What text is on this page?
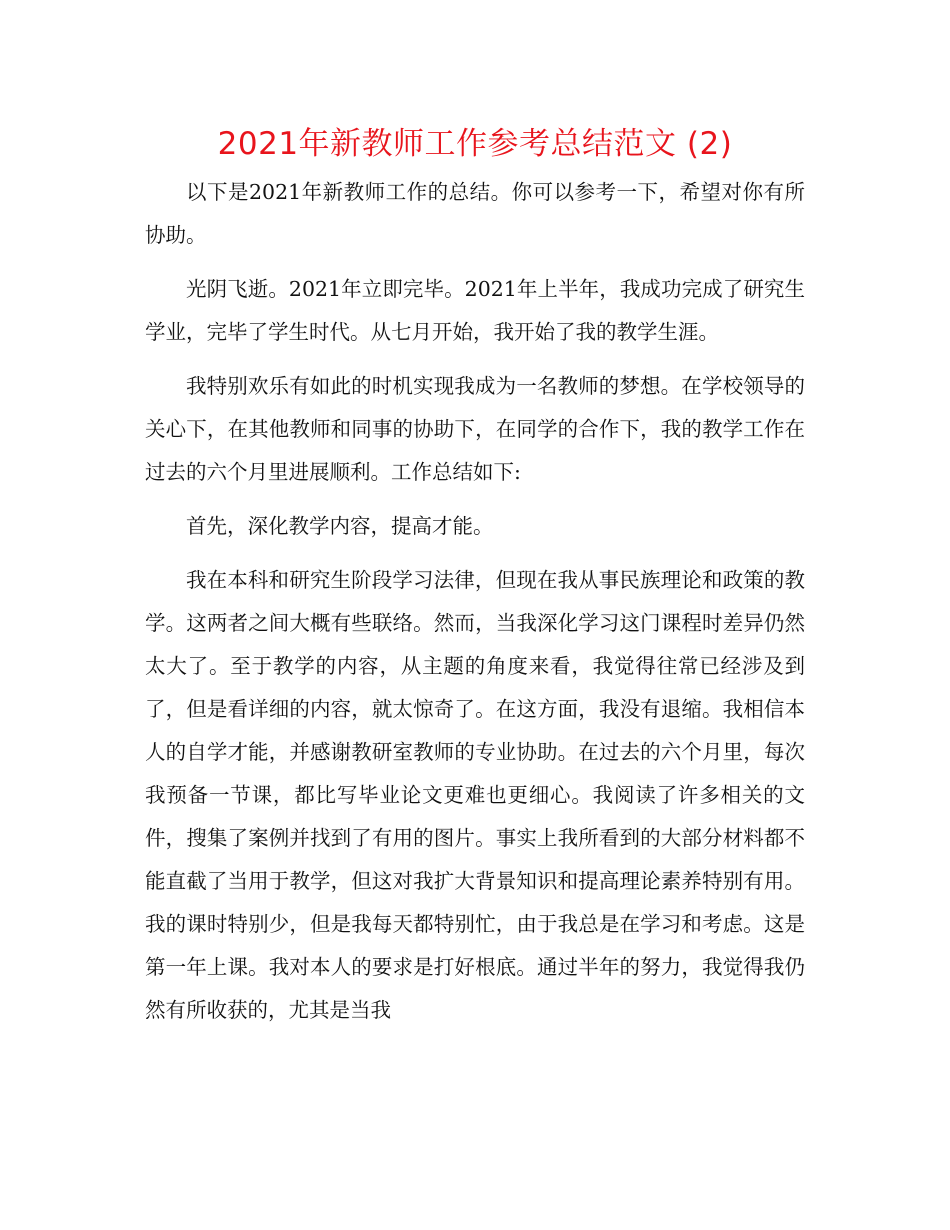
2021年新教师工作参考总结范文 (2)

以下是2021年新教师工作的总结。你可以参考一下，希望对你有所协助。

光阴飞逝。2021年立即完毕。2021年上半年，我成功完成了研究生学业，完毕了学生时代。从七月开始，我开始了我的教学生涯。

我特别欢乐有如此的时机实现我成为一名教师的梦想。在学校领导的关心下，在其他教师和同事的协助下，在同学的合作下，我的教学工作在过去的六个月里进展顺利。工作总结如下:

首先，深化教学内容，提高才能。

我在本科和研究生阶段学习法律，但现在我从事民族理论和政策的教学。这两者之间大概有些联络。然而，当我深化学习这门课程时差异仍然太大了。至于教学的内容，从主题的角度来看，我觉得往常已经涉及到了，但是看详细的内容，就太惊奇了。在这方面，我没有退缩。我相信本人的自学才能，并感谢教研室教师的专业协助。在过去的六个月里，每次我预备一节课，都比写毕业论文更难也更细心。我阅读了许多相关的文件，搜集了案例并找到了有用的图片。事实上我所看到的大部分材料都不能直截了当用于教学，但这对我扩大背景知识和提高理论素养特别有用。我的课时特别少，但是我每天都特别忙，由于我总是在学习和考虑。这是第一年上课。我对本人的要求是打好根底。通过半年的努力，我觉得我仍然有所收获的，尤其是当我
